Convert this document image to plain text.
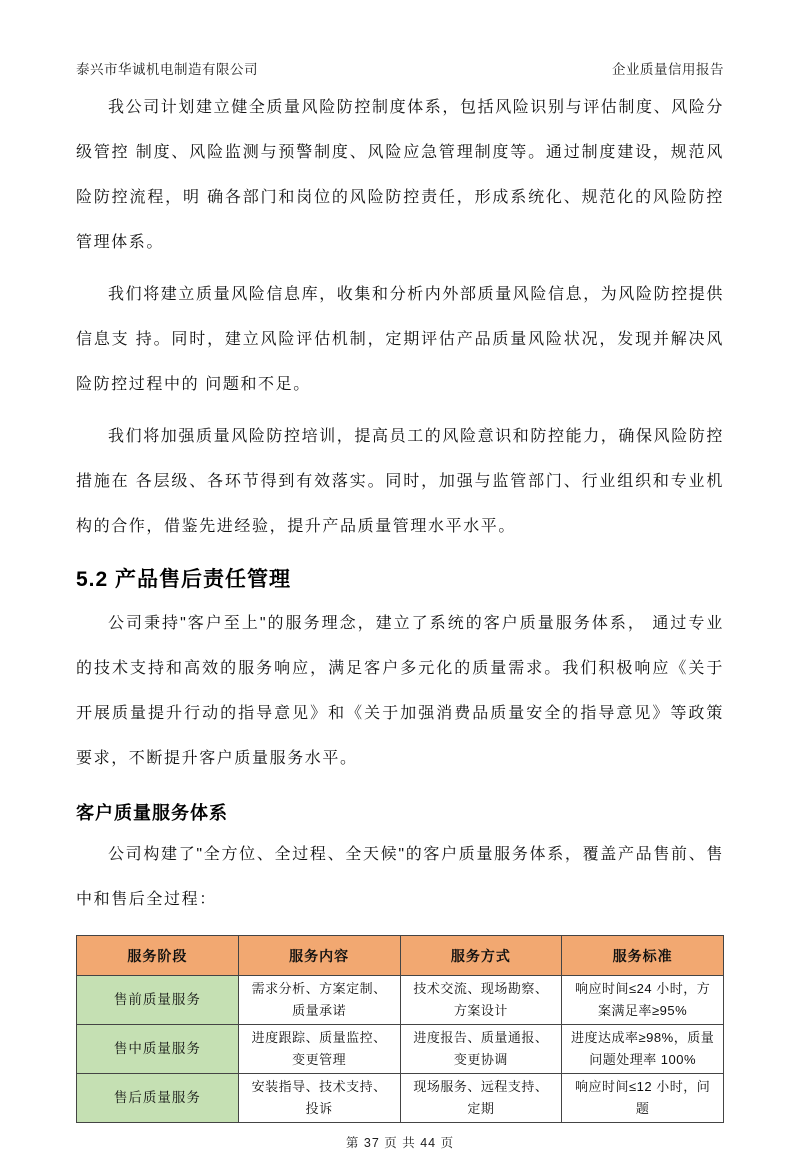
泰兴市华诚机电制造有限公司	企业质量信用报告

我公司计划建立健全质量风险防控制度体系，包括风险识别与评估制度、风险分级管控 制度、风险监测与预警制度、风险应急管理制度等。通过制度建设，规范风险防控流程，明 确各部门和岗位的风险防控责任，形成系统化、规范化的风险防控管理体系。

我们将建立质量风险信息库，收集和分析内外部质量风险信息，为风险防控提供信息支 持。同时，建立风险评估机制，定期评估产品质量风险状况，发现并解决风险防控过程中的 问题和不足。

我们将加强质量风险防控培训，提高员工的风险意识和防控能力，确保风险防控措施在 各层级、各环节得到有效落实。同时，加强与监管部门、行业组织和专业机构的合作，借鉴先进经验，提升产品质量管理水平水平。

5.2 产品售后责任管理

公司秉持"客户至上"的服务理念，建立了系统的客户质量服务体系， 通过专业的技术支持和高效的服务响应，满足客户多元化的质量需求。我们积极响应《关于开展质量提升行动的指导意见》和《关于加强消费品质量安全的指导意见》等政策要求，不断提升客户质量服务水平。

客户质量服务体系

公司构建了"全方位、全过程、全天候"的客户质量服务体系，覆盖产品售前、售中和售后全过程：

服务阶段	服务内容	服务方式	服务标准
售前质量服务	需求分析、方案定制、质量承诺	技术交流、现场勘察、方案设计	响应时间≤24 小时，方案满足率≥95%
售中质量服务	进度跟踪、质量监控、变更管理	进度报告、质量通报、变更协调	进度达成率≥98%，质量问题处理率 100%
售后质量服务	安装指导、技术支持、投诉	现场服务、远程支持、定期	响应时间≤12 小时，问题
第 37 页 共 44 页
